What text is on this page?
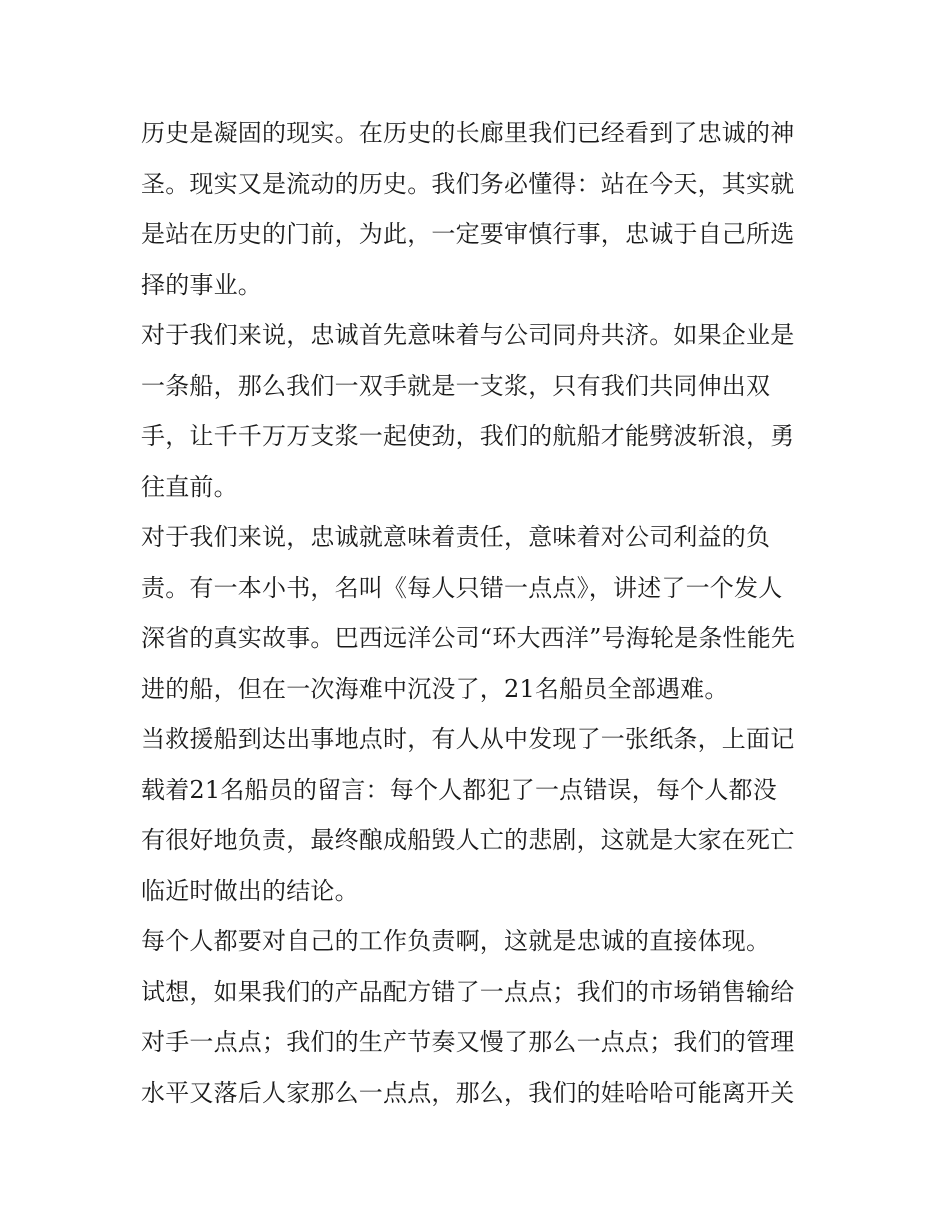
历史是凝固的现实。在历史的长廊里我们已经看到了忠诚的神
圣。现实又是流动的历史。我们务必懂得：站在今天，其实就
是站在历史的门前，为此，一定要审慎行事，忠诚于自己所选
择的事业。
对于我们来说，忠诚首先意味着与公司同舟共济。如果企业是
一条船，那么我们一双手就是一支浆，只有我们共同伸出双
手，让千千万万支浆一起使劲，我们的航船才能劈波斩浪，勇
往直前。
对于我们来说，忠诚就意味着责任，意味着对公司利益的负
责。有一本小书，名叫《每人只错一点点》，讲述了一个发人
深省的真实故事。巴西远洋公司“环大西洋”号海轮是条性能先
进的船，但在一次海难中沉没了，21名船员全部遇难。
当救援船到达出事地点时，有人从中发现了一张纸条，上面记
载着21名船员的留言：每个人都犯了一点错误，每个人都没
有很好地负责，最终酿成船毁人亡的悲剧，这就是大家在死亡
临近时做出的结论。
每个人都要对自己的工作负责啊，这就是忠诚的直接体现。
试想，如果我们的产品配方错了一点点；我们的市场销售输给
对手一点点；我们的生产节奏又慢了那么一点点；我们的管理
水平又落后人家那么一点点，那么，我们的娃哈哈可能离开关
